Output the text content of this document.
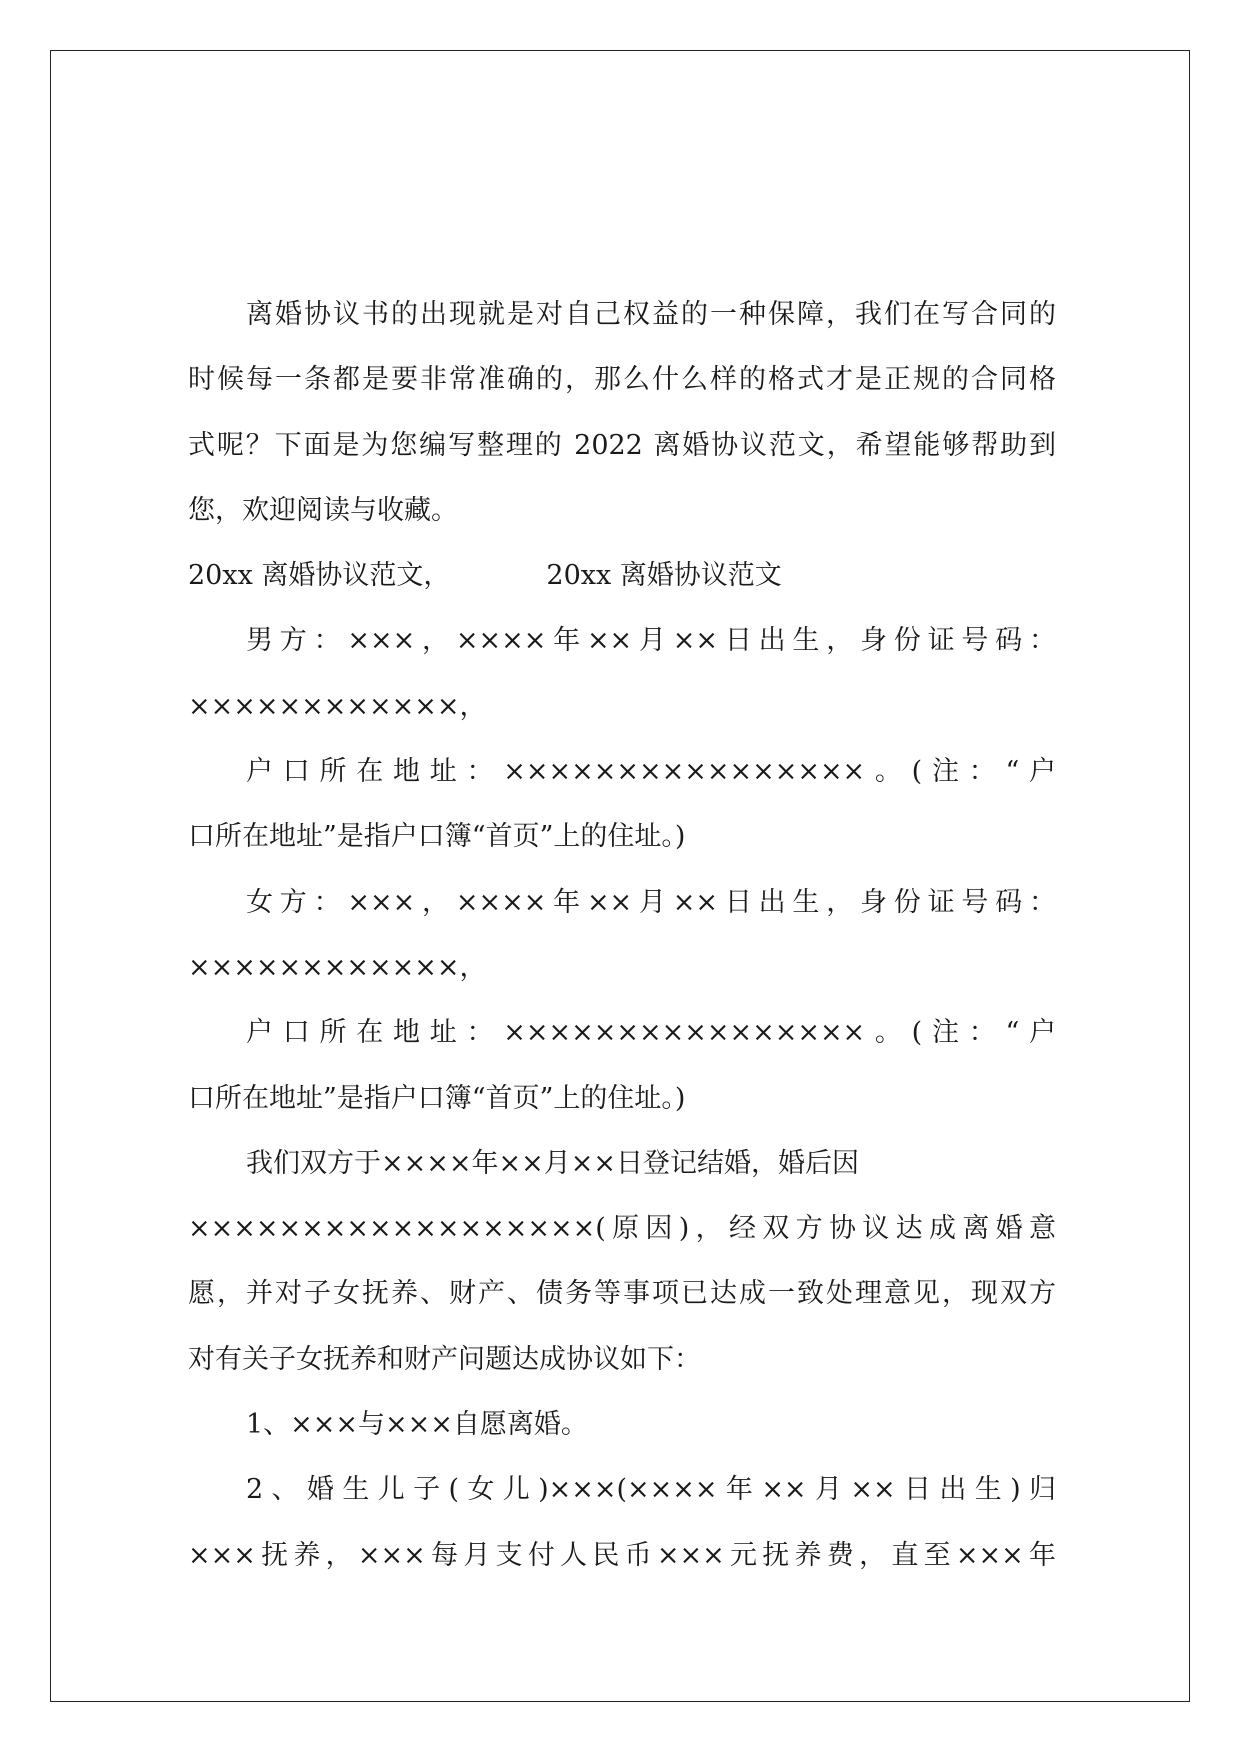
离婚协议书的出现就是对自己权益的一种保障，我们在写合同的
时候每一条都是要非常准确的，那么什么样的格式才是正规的合同格
式呢？下面是为您编写整理的 2022 离婚协议范文，希望能够帮助到
您，欢迎阅读与收藏。
20xx 离婚协议范文，	20xx 离婚协议范文
男方：×××，××××年××月××日出生，身份证号码：
××××××××××××，
户口所在地址：××××××××××××××××。(注：“户
口所在地址”是指户口簿“首页”上的住址。)
女方：×××，××××年××月××日出生，身份证号码：
××××××××××××，
户口所在地址：××××××××××××××××。(注：“户
口所在地址”是指户口簿“首页”上的住址。)
我们双方于××××年××月××日登记结婚，婚后因
××××××××××××××××××(原因)，经双方协议达成离婚意
愿，并对子女抚养、财产、债务等事项已达成一致处理意见，现双方
对有关子女抚养和财产问题达成协议如下：
1、×××与×××自愿离婚。
2、婚生儿子(女儿)×××(××××年××月××日出生)归
×××抚养，×××每月支付人民币×××元抚养费，直至×××年
